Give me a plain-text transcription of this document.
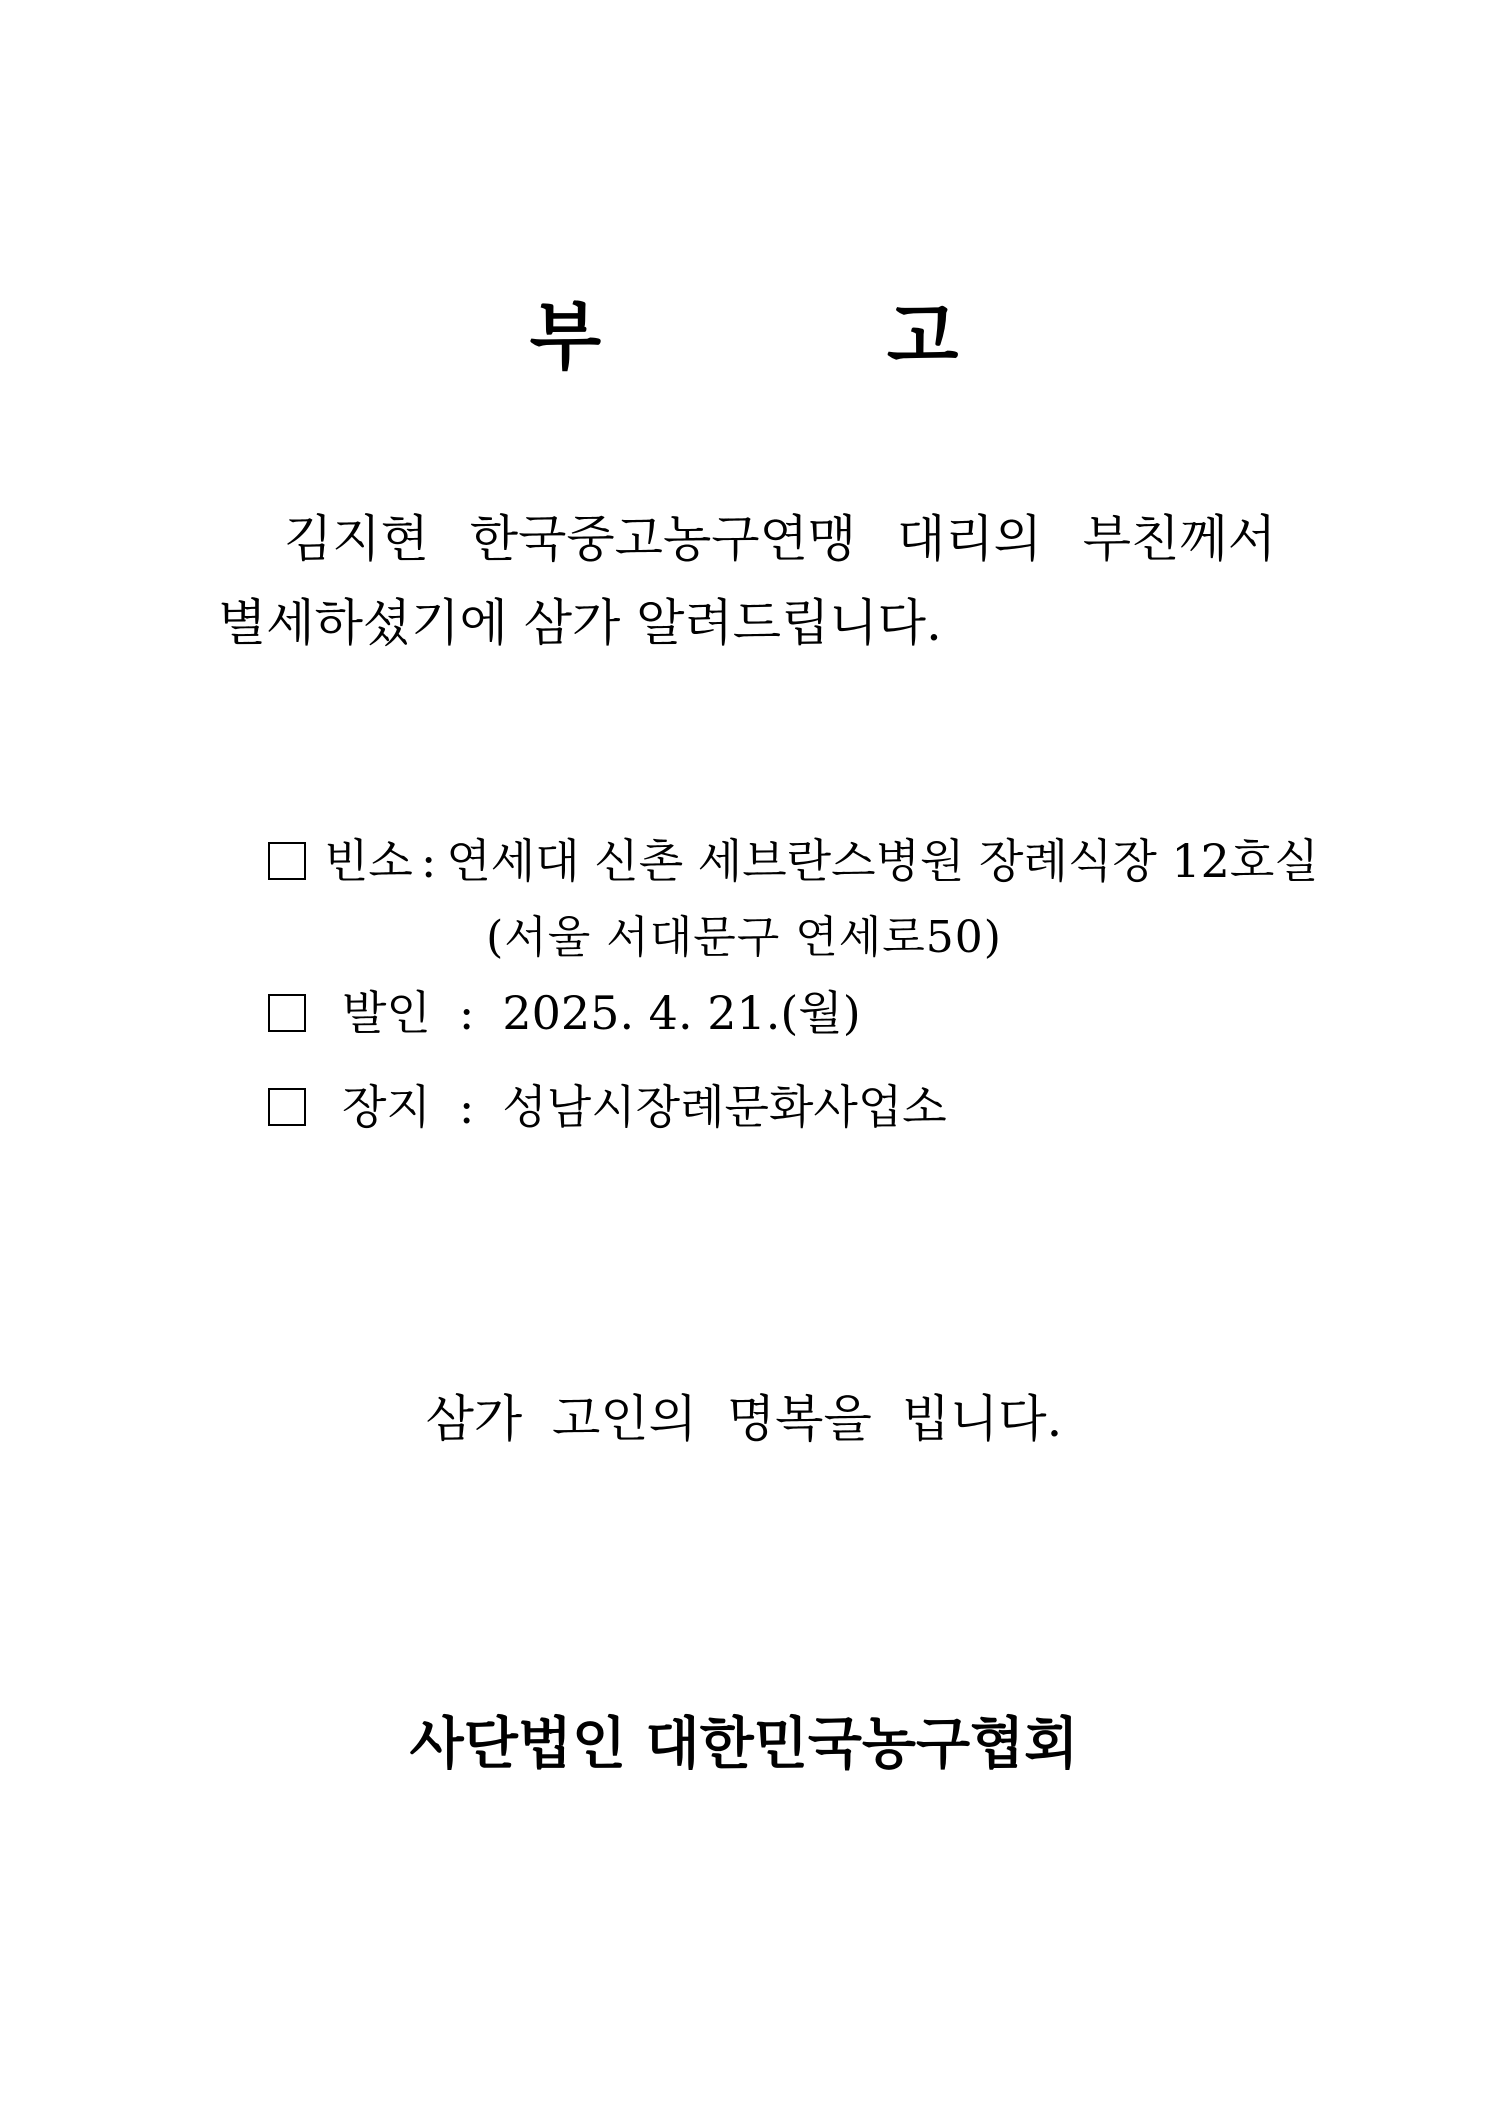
부 고
김지현 한국중고농구연맹 대리의 부친께서
별세하셨기에 삼가 알려드립니다.
빈소 : 연세대 신촌 세브란스병원 장례식장 12호실
(서울 서대문구 연세로50)
발인 : 2025. 4. 21.(월)
장지 : 성남시장례문화사업소
삼가 고인의 명복을 빕니다.
사단법인 대한민국농구협회
